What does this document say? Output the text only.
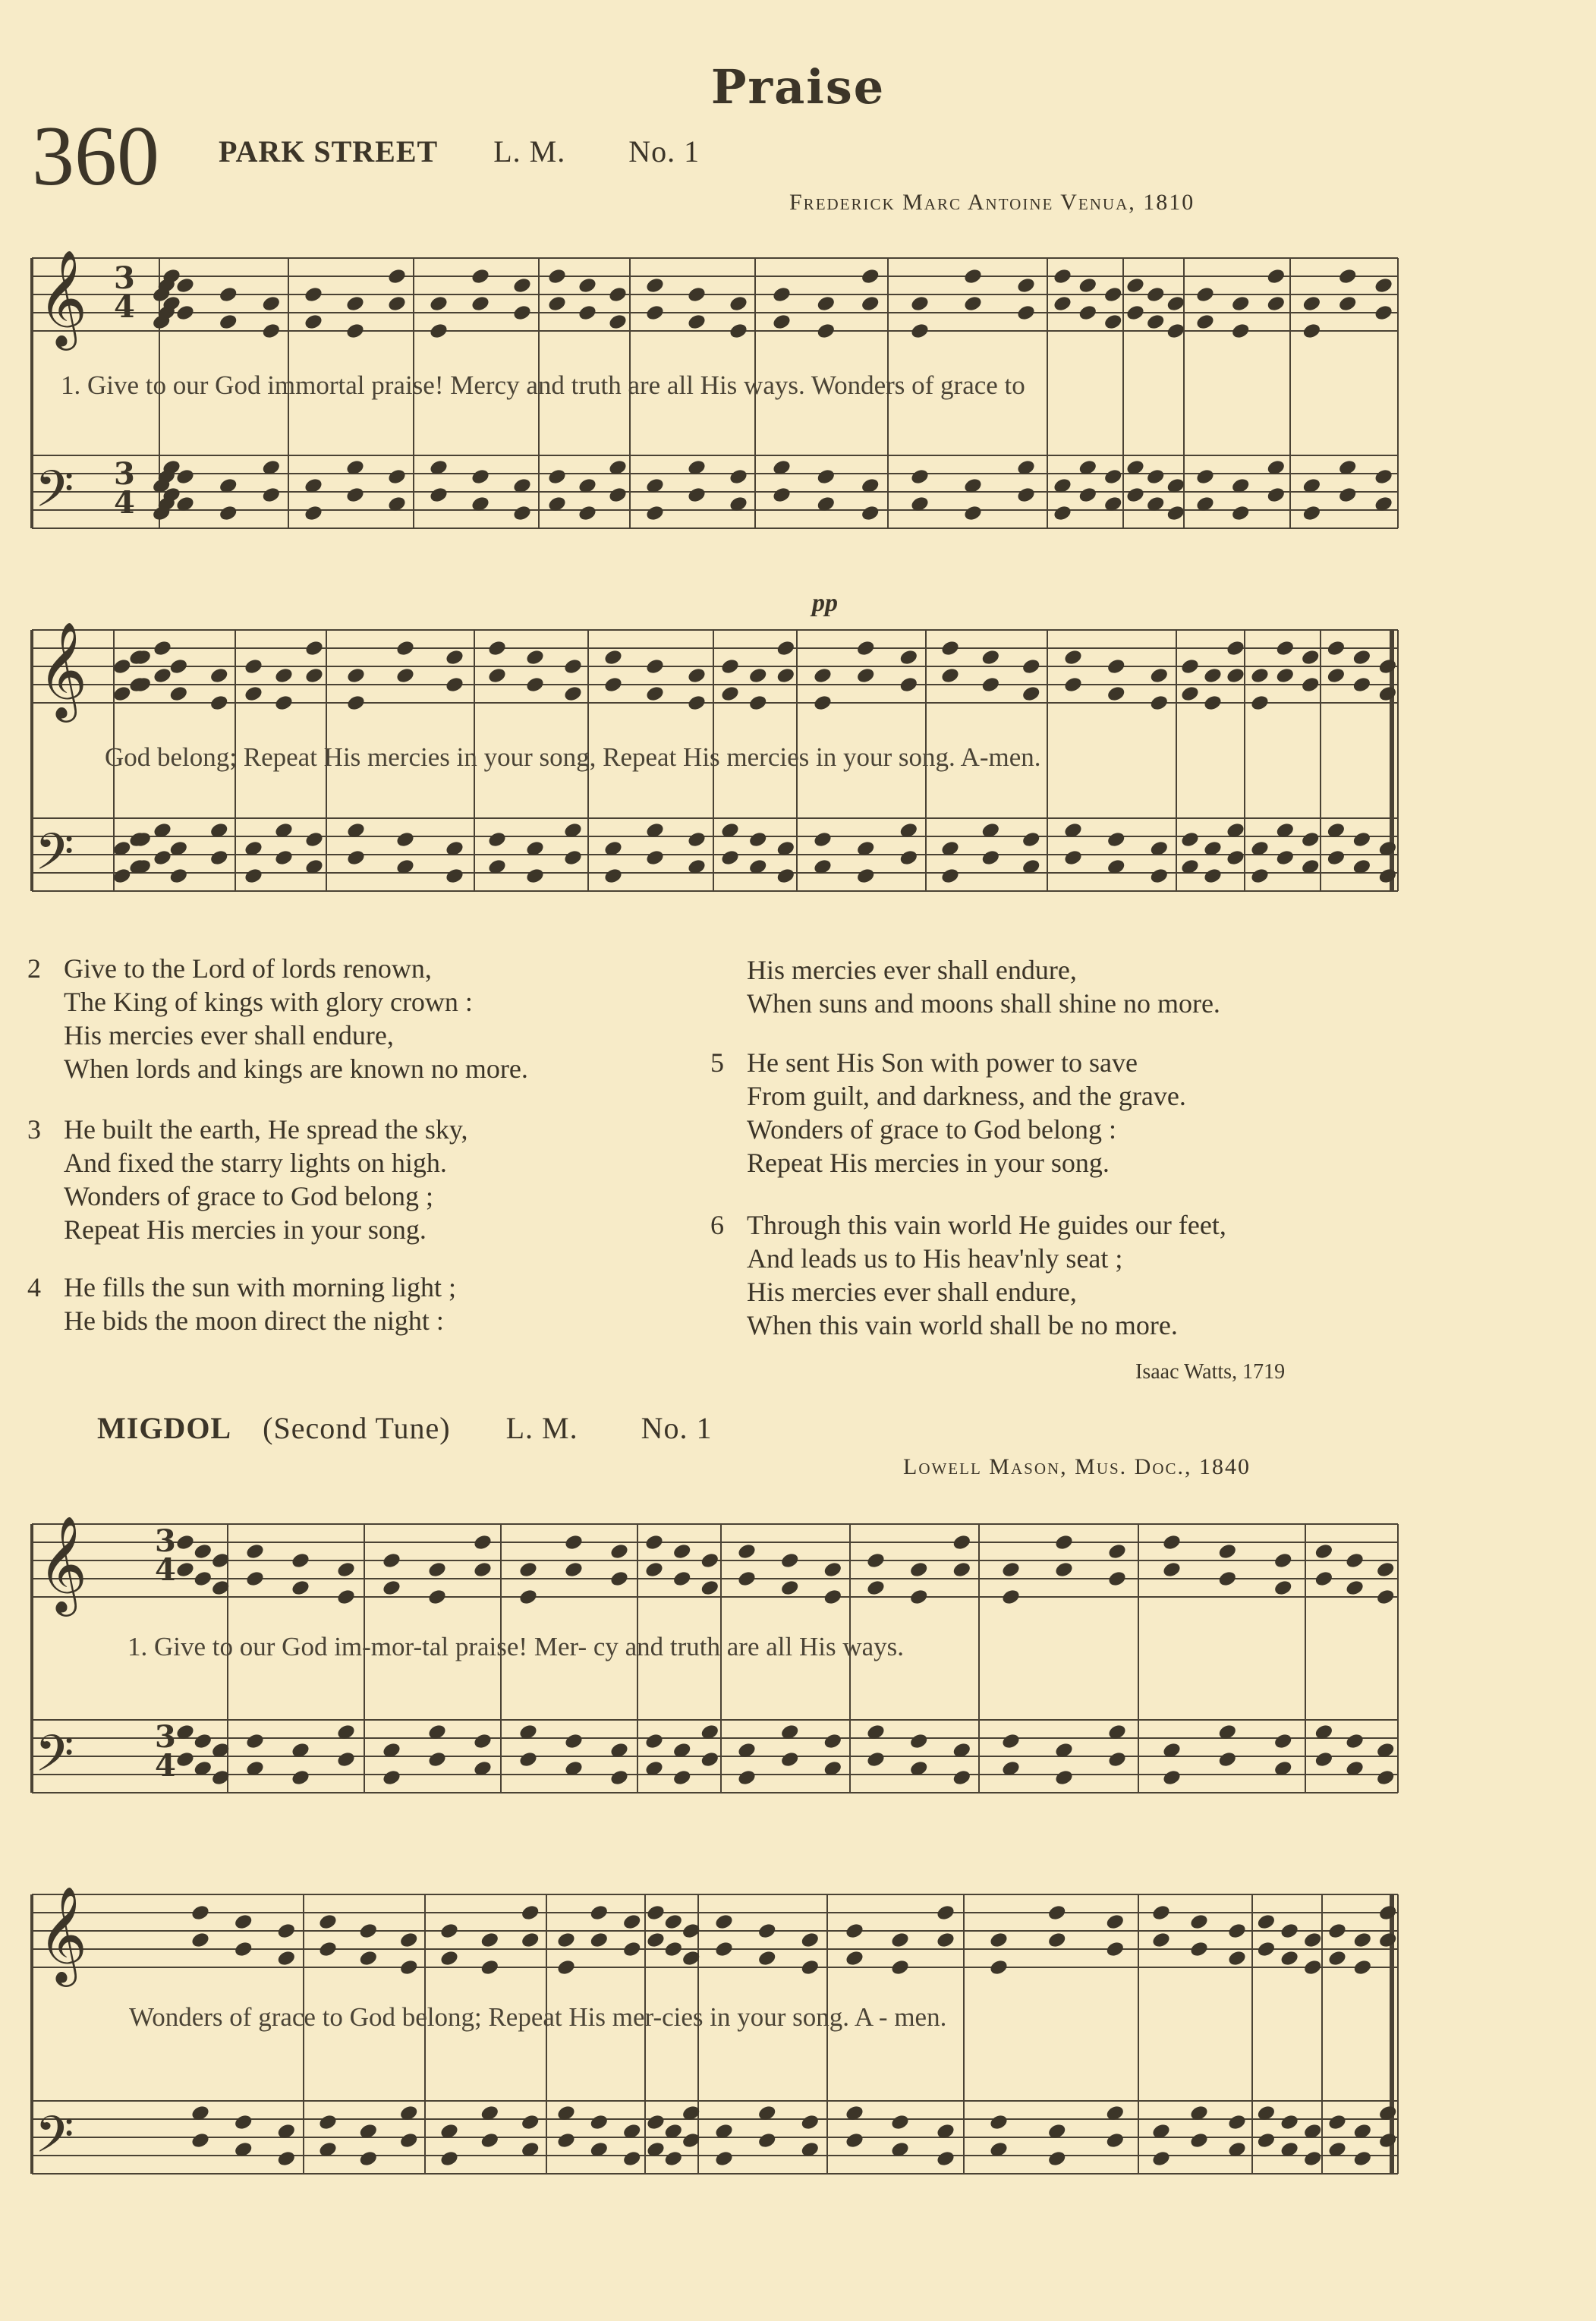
Praise
360 PARK STREET L. M. No. 1
Frederick Marc Antoine Venua, 1810
𝄞
𝄢
3
4
3
4
𝄞
𝄢
𝄞
𝄢
3
4
3
4
𝄞
𝄢
1. Give to our God immortal praise! Mercy and truth are all His ways. Wonders of grace to
pp
God belong; Repeat His mercies in your song, Repeat His mercies in your song. A-men.
2 Give to the Lord of lords renown,
The King of kings with glory crown :
His mercies ever shall endure,
When lords and kings are known no more.
3 He built the earth, He spread the sky,
And fixed the starry lights on high.
Wonders of grace to God belong ;
Repeat His mercies in your song.
4 He fills the sun with morning light ;
He bids the moon direct the night :
His mercies ever shall endure,
When suns and moons shall shine no more.
5 He sent His Son with power to save
From guilt, and darkness, and the grave.
Wonders of grace to God belong :
Repeat His mercies in your song.
6 Through this vain world He guides our feet,
And leads us to His heav'nly seat ;
His mercies ever shall endure,
When this vain world shall be no more.
Isaac Watts, 1719
MIGDOL (Second Tune) L. M. No. 1
Lowell Mason, Mus. Doc., 1840
1. Give to our God im-mor-tal praise! Mer- cy and truth are all His ways.
Wonders of grace to God belong; Repeat His mer-cies in your song. A - men.
